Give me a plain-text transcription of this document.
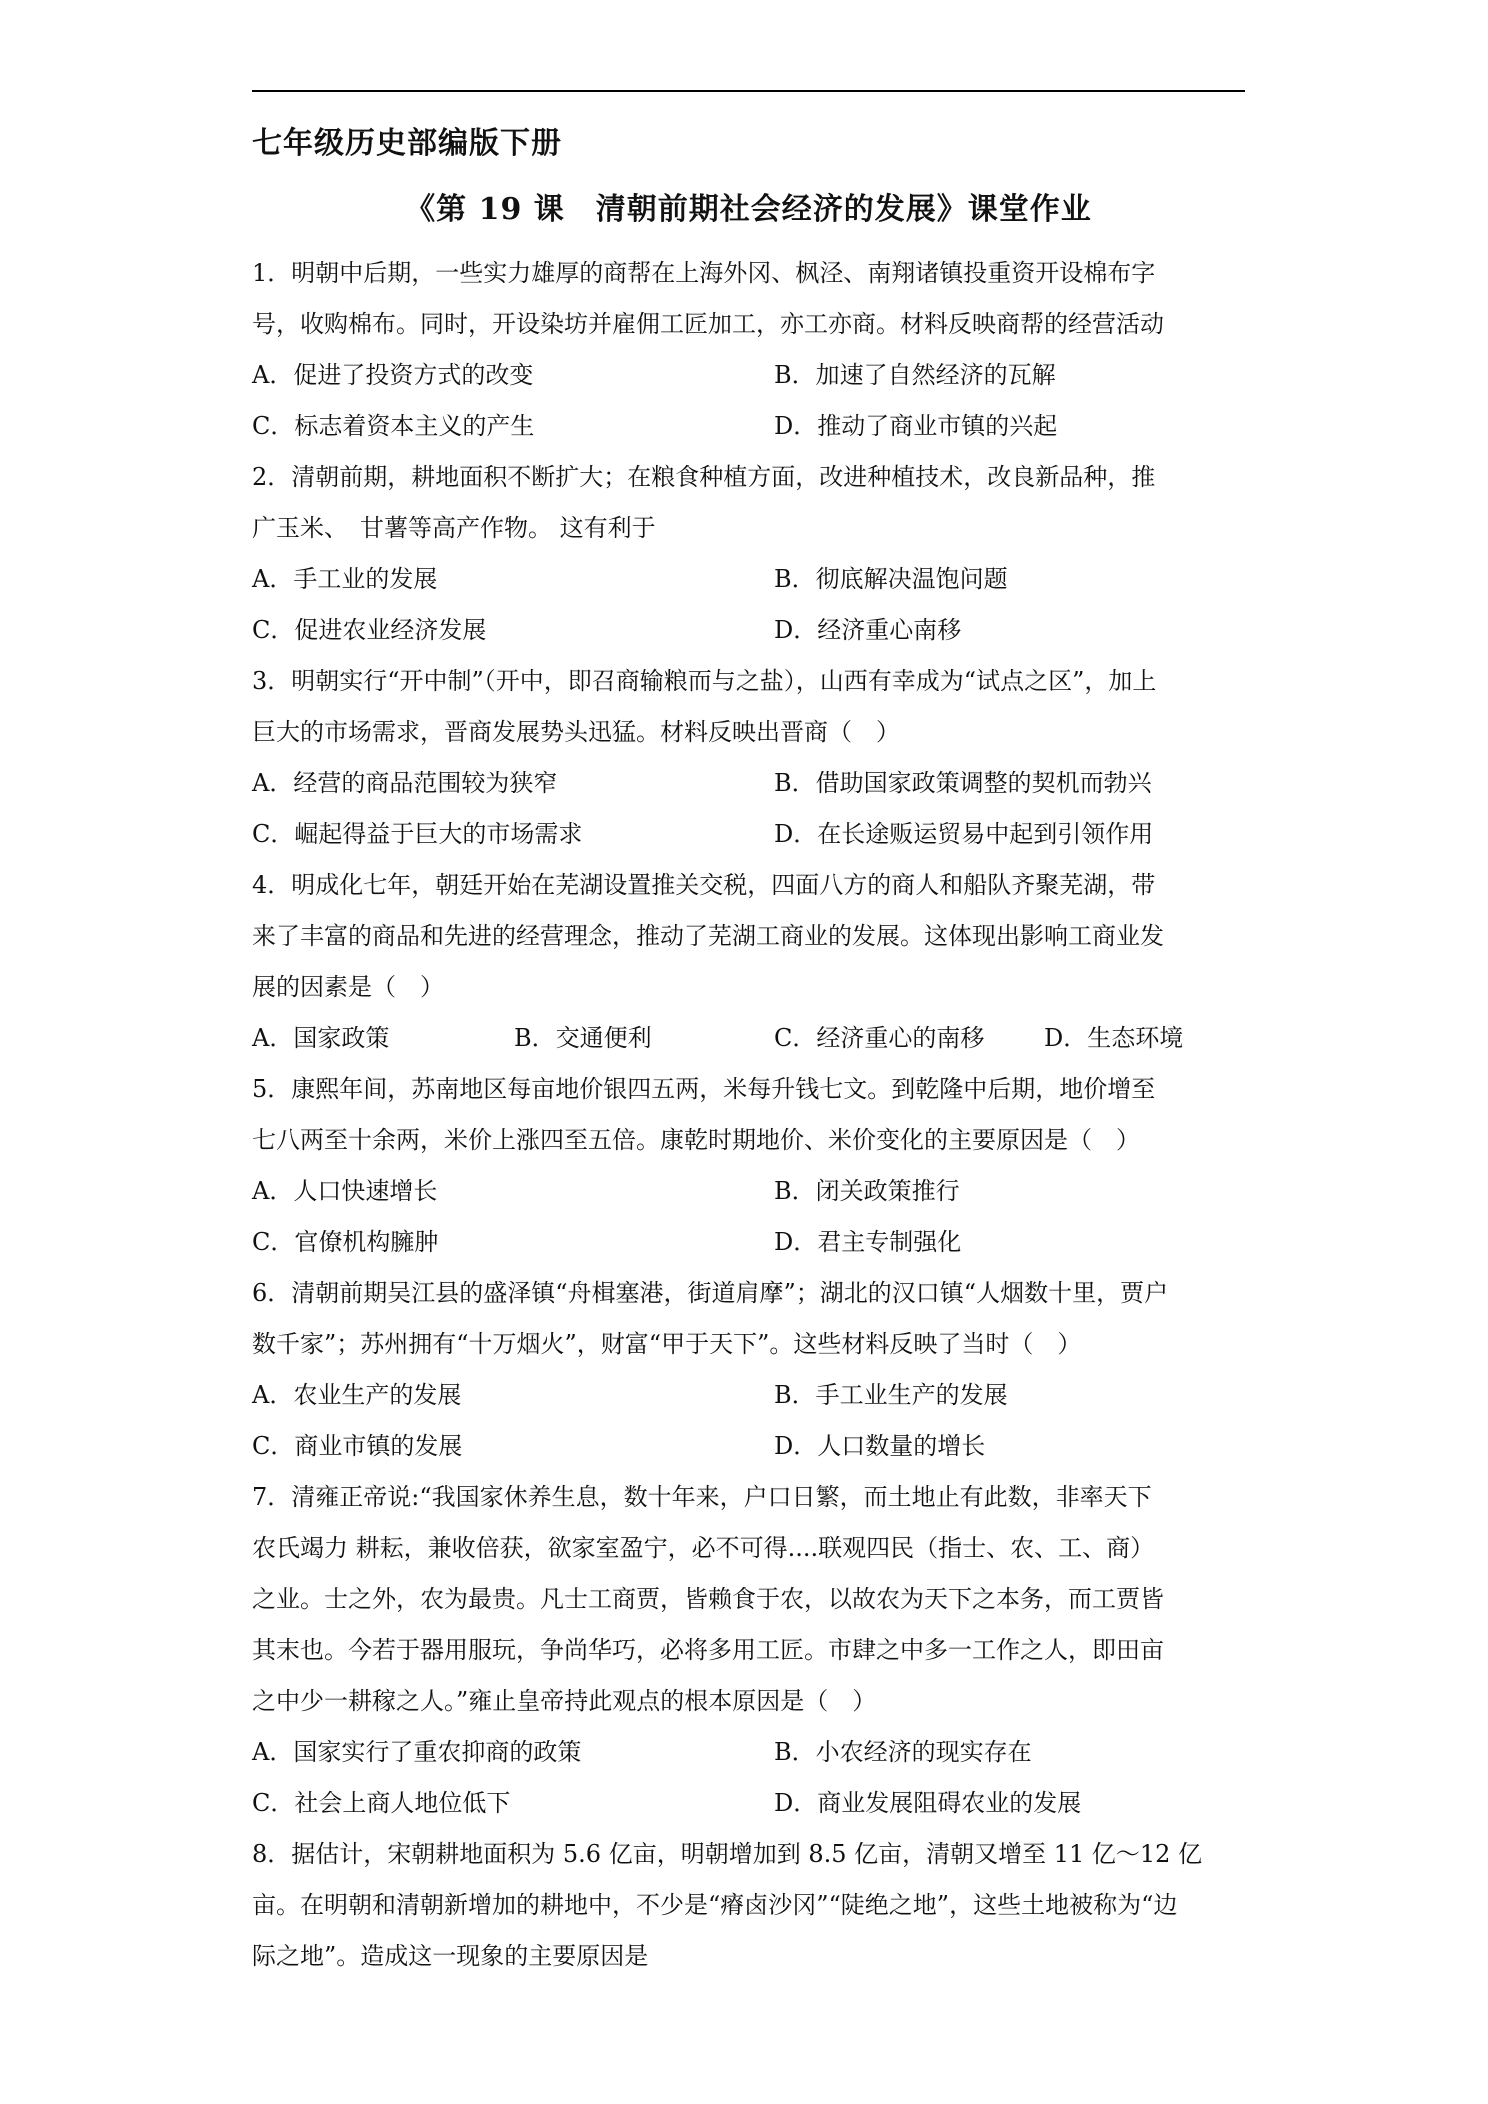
七年级历史部编版下册
《第 19 课　清朝前期社会经济的发展》课堂作业
1．明朝中后期，一些实力雄厚的商帮在上海外冈、枫泾、南翔诸镇投重资开设棉布字
号，收购棉布。同时，开设染坊并雇佣工匠加工，亦工亦商。材料反映商帮的经营活动
A．促进了投资方式的改变	B．加速了自然经济的瓦解
C．标志着资本主义的产生	D．推动了商业市镇的兴起
2．清朝前期，耕地面积不断扩大；在粮食种植方面，改进种植技术，改良新品种，推
广玉米、　甘薯等高产作物。 这有利于
A．手工业的发展	B．彻底解决温饱问题
C．促进农业经济发展	D．经济重心南移
3．明朝实行“开中制”（开中，即召商输粮而与之盐），山西有幸成为“试点之区”，加上
巨大的市场需求，晋商发展势头迅猛。材料反映出晋商（　）
A．经营的商品范围较为狭窄	B．借助国家政策调整的契机而勃兴
C．崛起得益于巨大的市场需求	D．在长途贩运贸易中起到引领作用
4．明成化七年，朝廷开始在芜湖设置推关交税，四面八方的商人和船队齐聚芜湖，带
来了丰富的商品和先进的经营理念，推动了芜湖工商业的发展。这体现出影响工商业发
展的因素是（　）
A．国家政策	B．交通便利	C．经济重心的南移 D．生态环境
5．康熙年间，苏南地区每亩地价银四五两，米每升钱七文。到乾隆中后期，地价增至
七八两至十余两，米价上涨四至五倍。康乾时期地价、米价变化的主要原因是（　）
A．人口快速增长	B．闭关政策推行
C．官僚机构臃肿	D．君主专制强化
6．清朝前期吴江县的盛泽镇“舟楫塞港，街道肩摩”；湖北的汉口镇“人烟数十里，贾户
数千家”；苏州拥有“十万烟火”，财富“甲于天下”。这些材料反映了当时（　）
A．农业生产的发展	B．手工业生产的发展
C．商业市镇的发展	D．人口数量的增长
7．清雍正帝说:“我国家休养生息，数十年来，户口日繁，而土地止有此数，非率天下
农氏竭力 耕耘，兼收倍获，欲家室盈宁，必不可得....联观四民（指士、农、工、商）
之业。士之外，农为最贵。凡士工商贾，皆赖食于农，以故农为天下之本务，而工贾皆
其末也。今若于器用服玩，争尚华巧，必将多用工匠。市肆之中多一工作之人，即田亩
之中少一耕稼之人。”雍止皇帝持此观点的根本原因是（　）
A．国家实行了重农抑商的政策	B．小农经济的现实存在
C．社会上商人地位低下	D．商业发展阻碍农业的发展
8．据估计，宋朝耕地面积为 5.6 亿亩，明朝增加到 8.5 亿亩，清朝又增至 11 亿～12 亿
亩。在明朝和清朝新增加的耕地中，不少是“瘠卤沙冈”“陡绝之地”，这些土地被称为“边
际之地”。造成这一现象的主要原因是
